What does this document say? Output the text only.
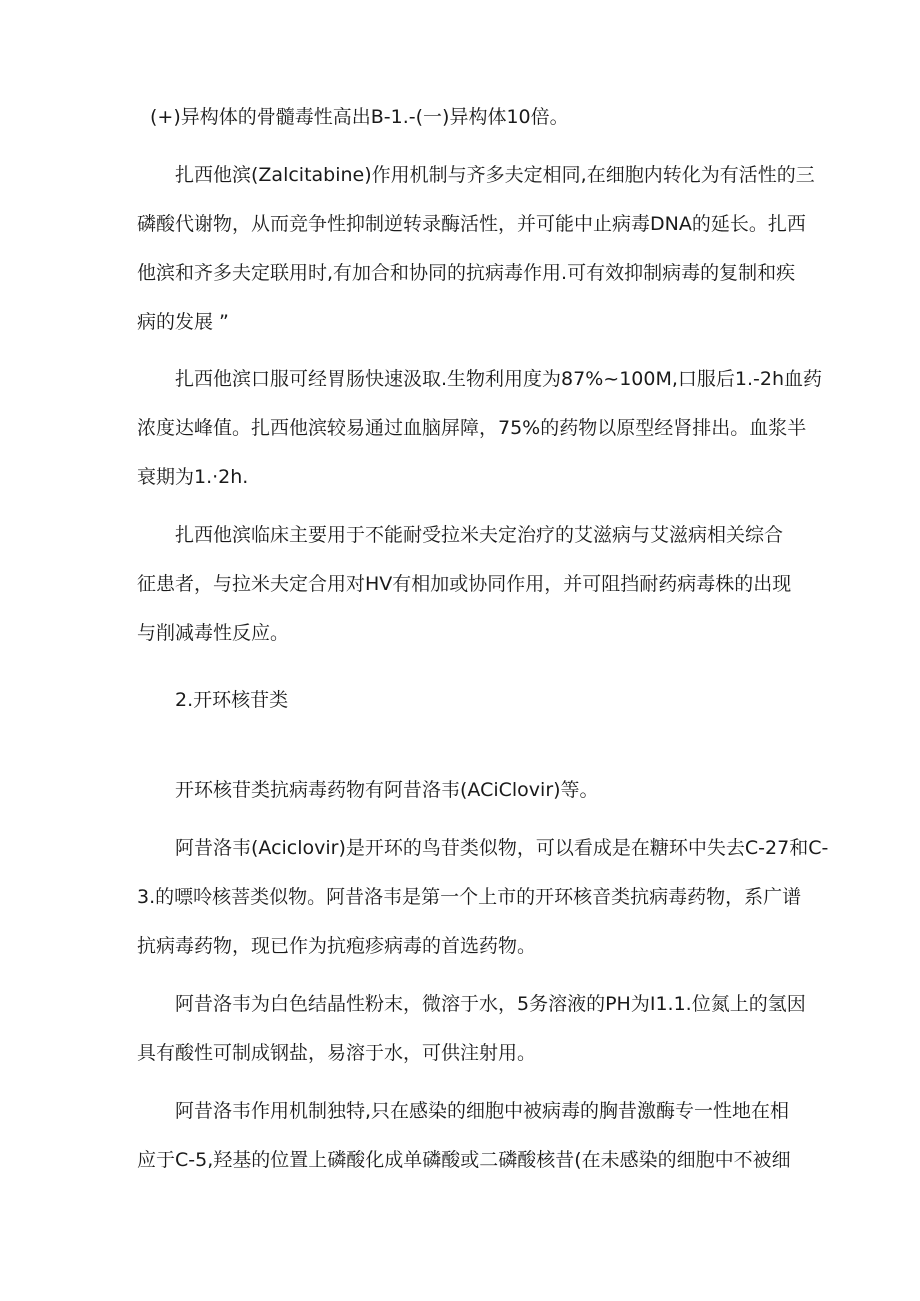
(+)异构体的骨髓毒性高出B-1.-(一)异构体10倍。
扎西他滨(Zalcitabine)作用机制与齐多夫定相同,在细胞内转化为有活性的三
磷酸代谢物，从而竞争性抑制逆转录酶活性，并可能中止病毒DNA的延长。扎西
他滨和齐多夫定联用时,有加合和协同的抗病毒作用.可有效抑制病毒的复制和疾
病的发展 ”
扎西他滨口服可经胃肠快速汲取.生物利用度为87%~100M,口服后1.-2h血药
浓度达峰值。扎西他滨较易通过血脑屏障，75%的药物以原型经肾排出。血浆半
衰期为1.·2h.
扎西他滨临床主要用于不能耐受拉米夫定治疗的艾滋病与艾滋病相关综合
征患者，与拉米夫定合用对HV有相加或协同作用，并可阻挡耐药病毒株的出现
与削减毒性反应。
2.开环核苷类
开环核苷类抗病毒药物有阿昔洛韦(ACiClovir)等。
阿昔洛韦(Aciclovir)是开环的鸟苷类似物，可以看成是在糖环中失去C-27和C-
3.的嘌呤核菩类似物。阿昔洛韦是第一个上市的开环核音类抗病毒药物，系广谱
抗病毒药物，现已作为抗疱疹病毒的首选药物。
阿昔洛韦为白色结晶性粉末，微溶于水，5务溶液的PH为I1.1.位氮上的氢因
具有酸性可制成钢盐，易溶于水，可供注射用。
阿昔洛韦作用机制独特,只在感染的细胞中被病毒的胸昔激酶专一性地在相
应于C-5,羟基的位置上磷酸化成单磷酸或二磷酸核昔(在未感染的细胞中不被细
